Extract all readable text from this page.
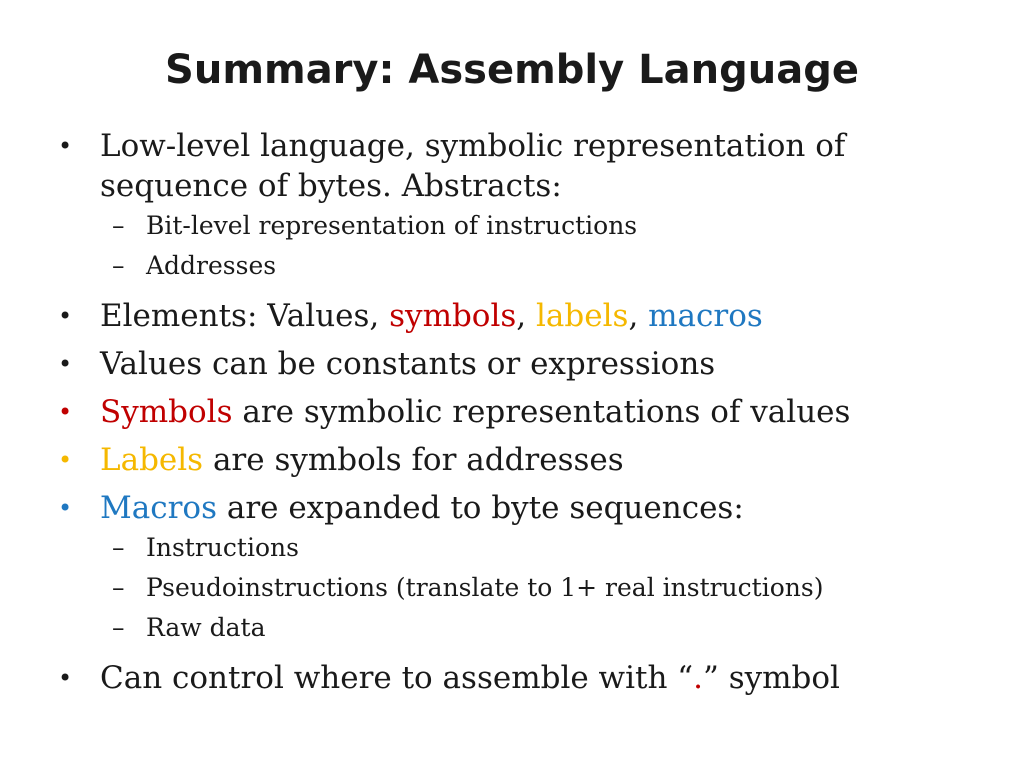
Summary: Assembly Language
• Low-level language, symbolic representation of
sequence of bytes. Abstracts:
– Bit-level representation of instructions
– Addresses
• Elements: Values, symbols, labels, macros
• Values can be constants or expressions
• Symbols are symbolic representations of values
• Labels are symbols for addresses
• Macros are expanded to byte sequences:
– Instructions
– Pseudoinstructions (translate to 1+ real instructions)
– Raw data
• Can control where to assemble with “.” symbol
